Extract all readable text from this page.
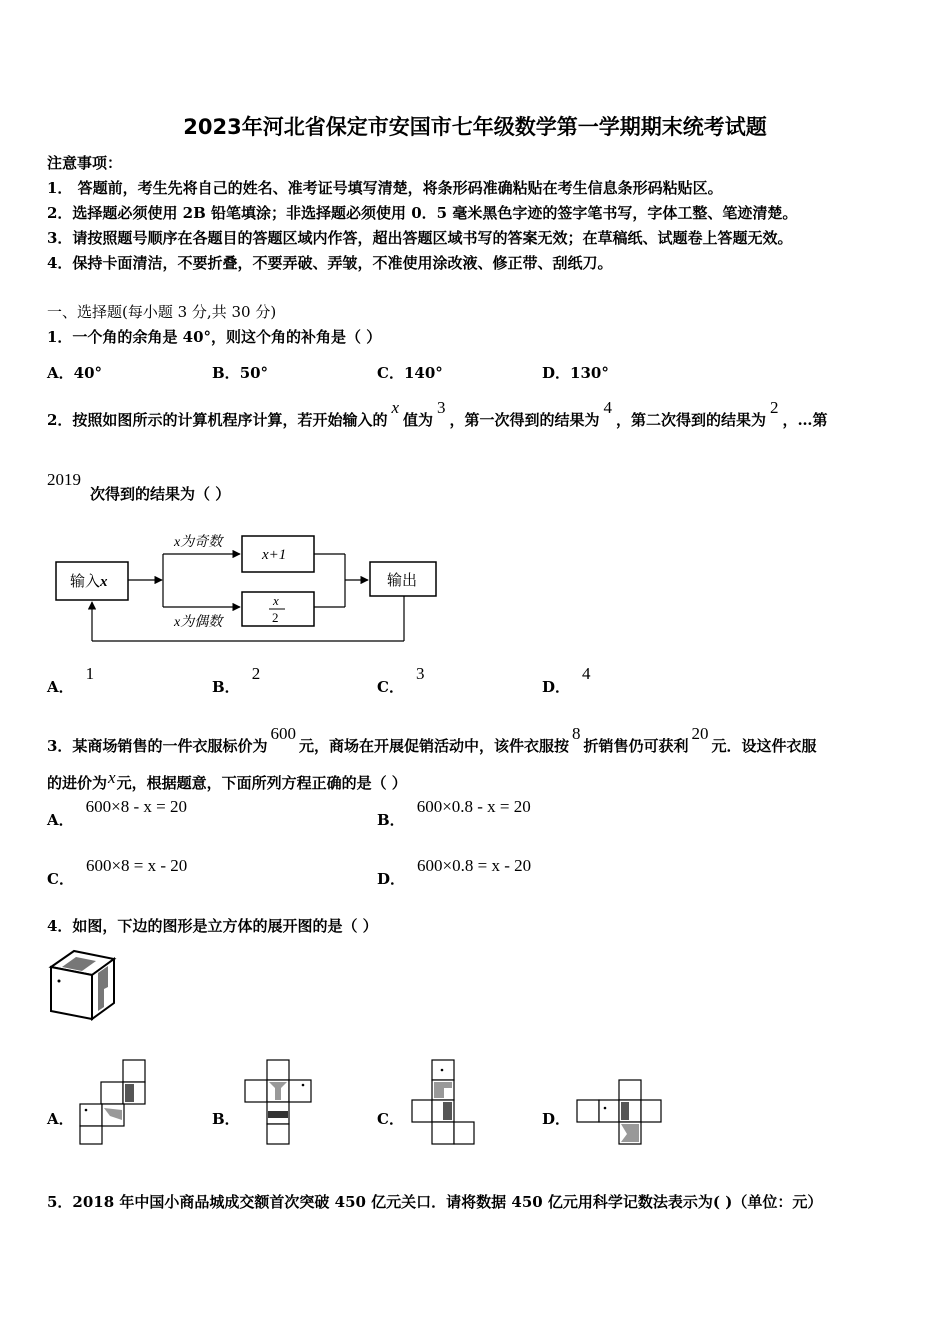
2023年河北省保定市安国市七年级数学第一学期期末统考试题
注意事项：
1． 答题前，考生先将自己的姓名、准考证号填写清楚，将条形码准确粘贴在考生信息条形码粘贴区。
2．选择题必须使用 2B 铅笔填涂；非选择题必须使用 0．5 毫米黑色字迹的签字笔书写，字体工整、笔迹清楚。
3．请按照题号顺序在各题目的答题区域内作答，超出答题区域书写的答案无效；在草稿纸、试题卷上答题无效。
4．保持卡面清洁，不要折叠，不要弄破、弄皱，不准使用涂改液、修正带、刮纸刀。
一、选择题(每小题 3 分,共 30 分)
1．一个角的余角是 40°，则这个角的补角是（ ）
A．40°	B．50°	C．140°	D．130°
2．按照如图所示的计算机程序计算，若开始输入的x值为3，第一次得到的结果为4，第二次得到的结果为2，…第
2019
次得到的结果为（ ）
输入x
x为奇数
x为偶数
x+1
x
2
输出
A．1
B．2
C．3
D．4
3．某商场销售的一件衣服标价为600元，商场在开展促销活动中，该件衣服按8折销售仍可获利20元．设这件衣服
的进价为x元，根据题意，下面所列方程正确的是（ ）
A．600×8 - x = 20
B．600×0.8 - x = 20
C．600×8 = x - 20
D．600×0.8 = x - 20
4．如图，下边的图形是立方体的展开图的是（ ）
A．	B．	C．	D．
5．2018 年中国小商品城成交额首次突破 450 亿元关口．请将数据 450 亿元用科学记数法表示为( )（单位：元）
